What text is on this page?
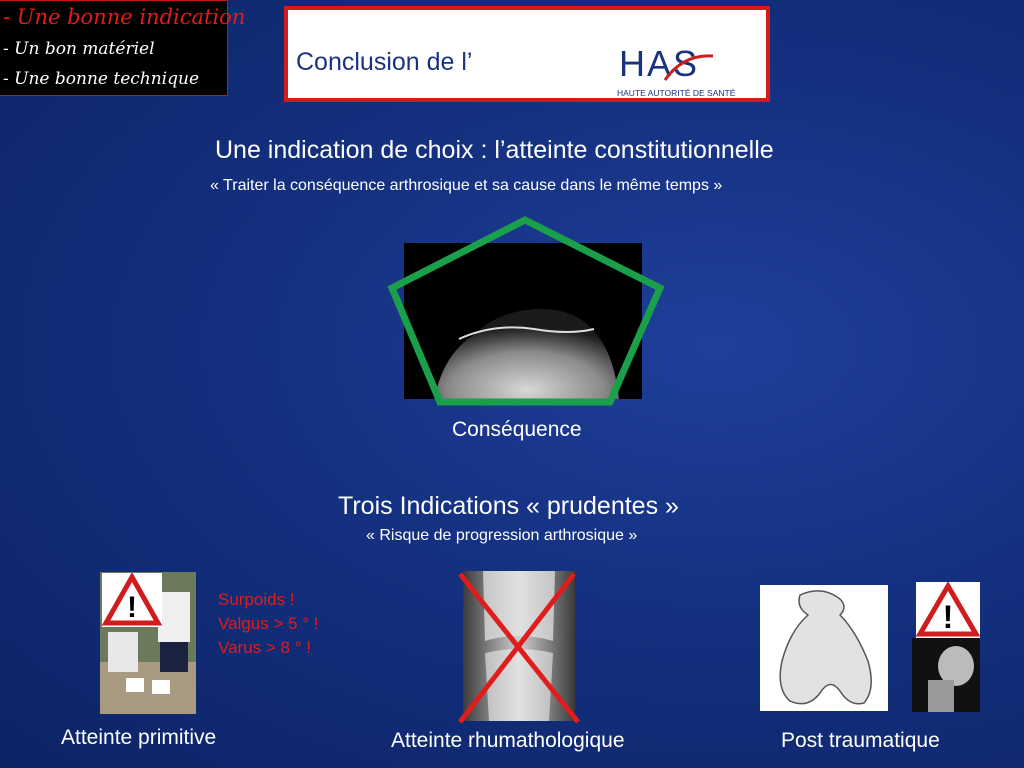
- Une bonne indication
- Un bon matériel
- Une bonne technique
Conclusion de l’	HAS
HAUTE AUTORITÉ DE SANTÉ
Une indication de choix : l’atteinte constitutionnelle
« Traiter la conséquence arthrosique et sa cause dans le même temps »
Conséquence
Trois Indications « prudentes »
« Risque de progression arthrosique »
!	Surpoids !
Valgus > 5 ° !
Varus > 8 ° !
!
Atteinte primitive	Atteinte rhumathologique	Post traumatique
